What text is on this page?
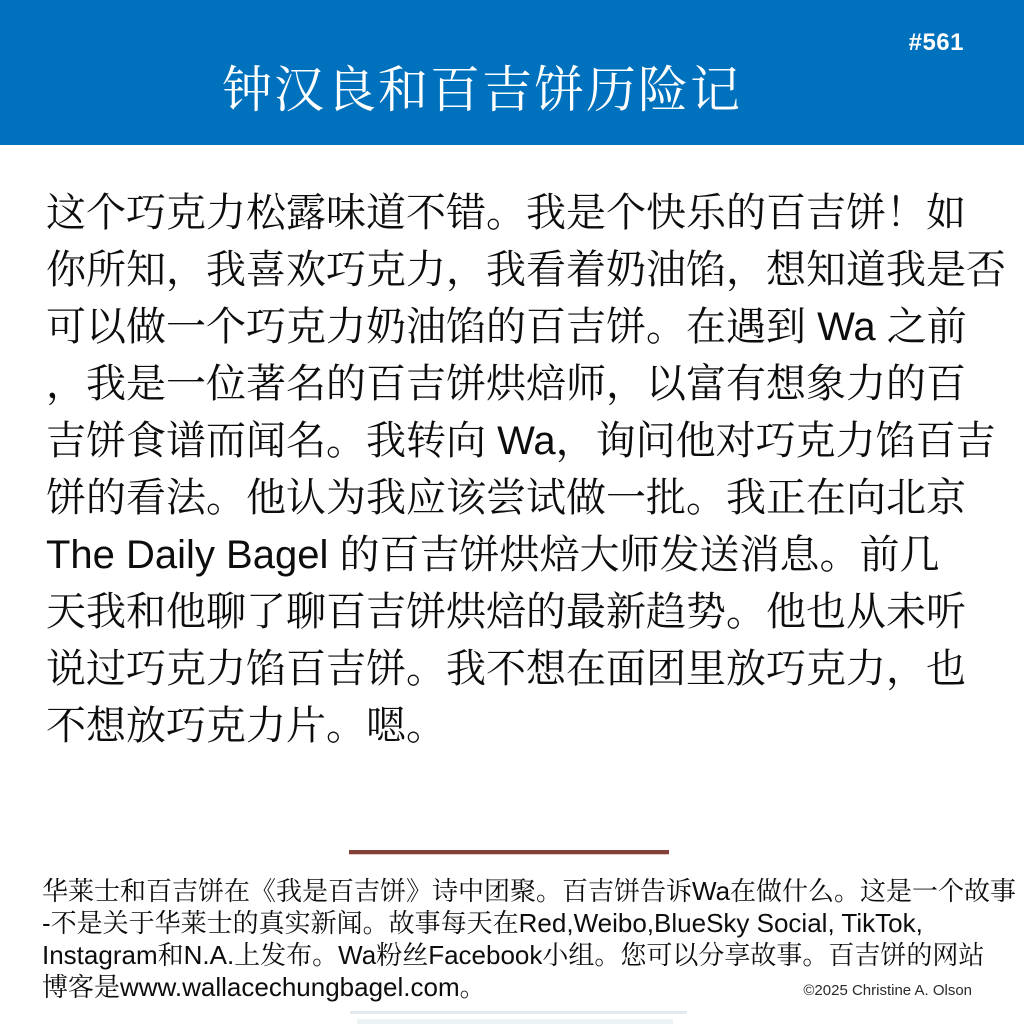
#561
钟汉良和百吉饼历险记
这个巧克力松露味道不错。我是个快乐的百吉饼！如
你所知，我喜欢巧克力，我看着奶油馅，想知道我是否
可以做一个巧克力奶油馅的百吉饼。在遇到 Wa 之前
，我是一位著名的百吉饼烘焙师，以富有想象力的百
吉饼食谱而闻名。我转向 Wa，询问他对巧克力馅百吉
饼的看法。他认为我应该尝试做一批。我正在向北京
The Daily Bagel 的百吉饼烘焙大师发送消息。前几
天我和他聊了聊百吉饼烘焙的最新趋势。他也从未听
说过巧克力馅百吉饼。我不想在面团里放巧克力，也
不想放巧克力片。嗯。
华莱士和百吉饼在《我是百吉饼》诗中团聚。百吉饼告诉Wa在做什么。这是一个故事
-不是关于华莱士的真实新闻。故事每天在Red,Weibo,BlueSky Social, TikTok,
Instagram和N.A.上发布。Wa粉丝Facebook小组。您可以分享故事。百吉饼的网站
博客是www.wallacechungbagel.com。	©2025 Christine A. Olson
